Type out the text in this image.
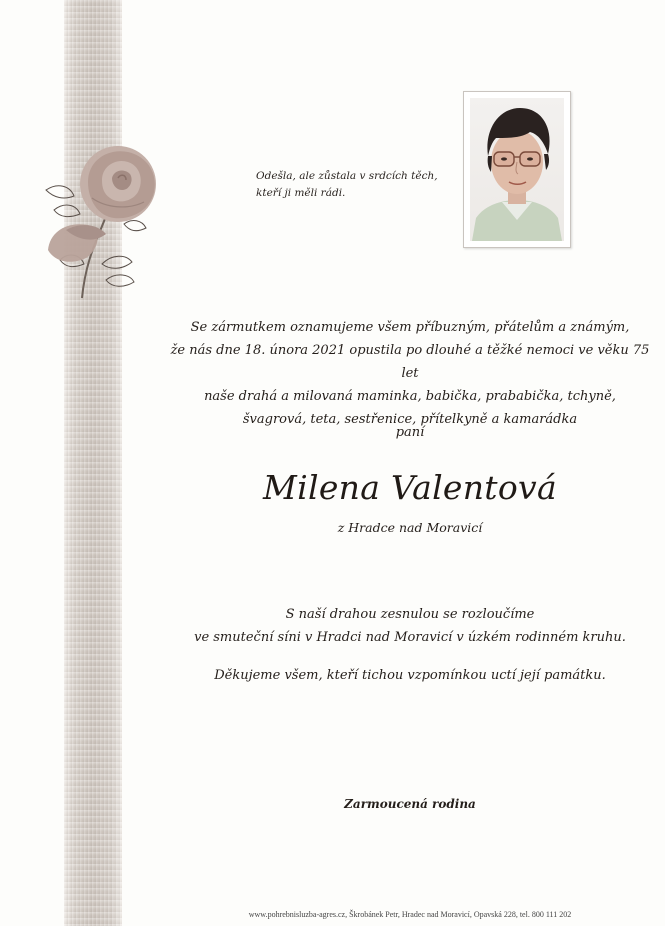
Odešla, ale zůstala v srdcích těch,
kteří ji měli rádi.
Se zármutkem oznamujeme všem příbuzným, přátelům a známým,
že nás dne 18. února 2021 opustila po dlouhé a těžké nemoci ve věku 75 let
naše drahá a milovaná maminka, babička, prababička, tchyně,
švagrová, teta, sestřenice, přítelkyně a kamarádka
paní
Milena Valentová
z Hradce nad Moravicí
S naší drahou zesnulou se rozloučíme
ve smuteční síni v Hradci nad Moravicí v úzkém rodinném kruhu.
Děkujeme všem, kteří tichou vzpomínkou uctí její památku.
Zarmoucená rodina
www.pohrebnisluzba-agres.cz, Škrobánek Petr, Hradec nad Moravicí, Opavská 228, tel. 800 111 202
